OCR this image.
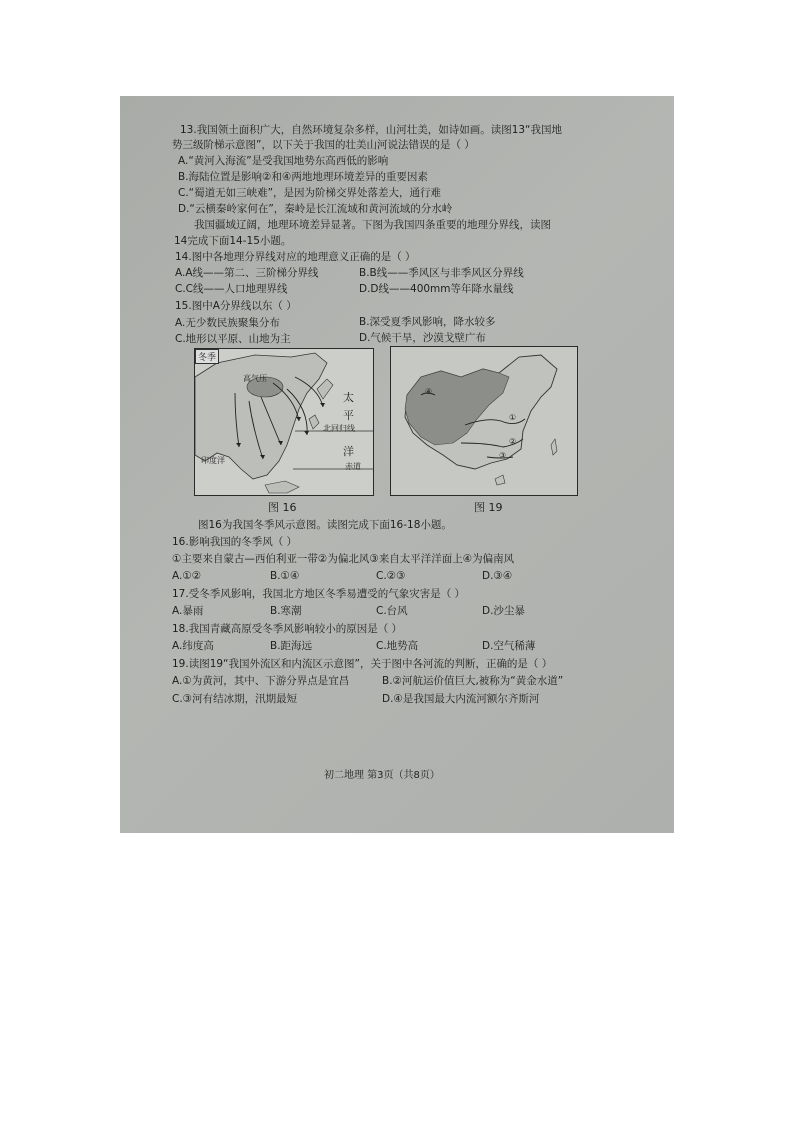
13.我国领土面积广大，自然环境复杂多样，山河壮美，如诗如画。读图13“我国地
势三级阶梯示意图”，以下关于我国的壮美山河说法错误的是（ ）
A.“黄河入海流”是受我国地势东高西低的影响
B.海陆位置是影响②和④两地地理环境差异的重要因素
C.“蜀道无如三峡难”，是因为阶梯交界处落差大，通行难
D.“云横秦岭家何在”，秦岭是长江流域和黄河流域的分水岭
我国疆域辽阔，地理环境差异显著。下图为我国四条重要的地理分界线，读图
14完成下面14-15小题。
14.图中各地理分界线对应的地理意义正确的是（ ）
A.A线——第二、三阶梯分界线	B.B线——季风区与非季风区分界线
C.C线——人口地理界线	D.D线——400mm等年降水量线
15.图中A分界线以东（ ）
A.无少数民族聚集分布	B.深受夏季风影响，降水较多
C.地形以平原、山地为主	D.气候干旱，沙漠戈壁广布
冬季
高气压
太
平
洋
北回归线
赤道
印度洋
①
②
③
④
图 16	图 19
图16为我国冬季风示意图。读图完成下面16-18小题。
16.影响我国的冬季风（ ）
①主要来自蒙古—西伯利亚一带②为偏北风③来自太平洋洋面上④为偏南风
A.①②	B.①④	C.②③	D.③④
17.受冬季风影响，我国北方地区冬季易遭受的气象灾害是（ ）
A.暴雨	B.寒潮	C.台风	D.沙尘暴
18.我国青藏高原受冬季风影响较小的原因是（ ）
A.纬度高	B.距海远	C.地势高	D.空气稀薄
19.读图19“我国外流区和内流区示意图”，关于图中各河流的判断，正确的是（ ）
A.①为黄河，其中、下游分界点是宜昌	B.②河航运价值巨大,被称为“黄金水道”
C.③河有结冰期，汛期最短	D.④是我国最大内流河额尔齐斯河
初二地理 第3页（共8页）
